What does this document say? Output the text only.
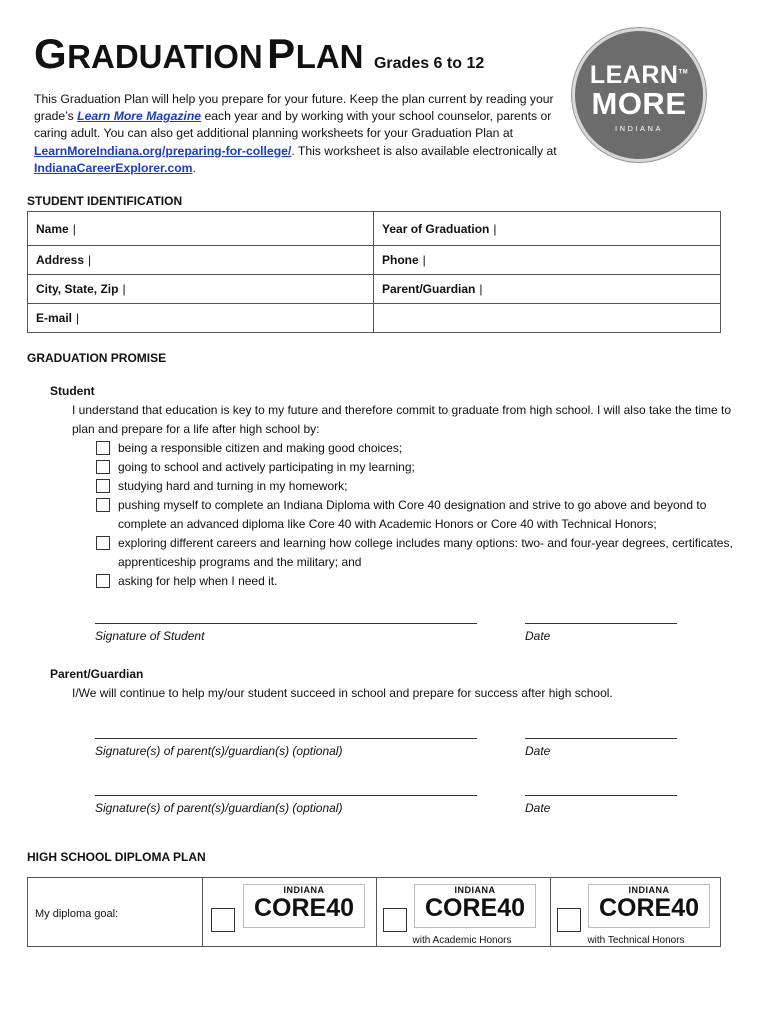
GRADUATION PLAN Grades 6 to 12
This Graduation Plan will help you prepare for your future. Keep the plan current by reading your grade’s Learn More Magazine each year and by working with your school counselor, parents or caring adult. You can also get additional planning worksheets for your Graduation Plan at LearnMoreIndiana.org/preparing-for-college/. This worksheet is also available electronically at IndianaCareerExplorer.com.
LEARN™
MORE
INDIANA
STUDENT IDENTIFICATION
Name |	Year of Graduation |
Address |	Phone |
City, State, Zip |	Parent/Guardian |
E-mail |	
GRADUATION PROMISE
Student
I understand that education is key to my future and therefore commit to graduate from high school. I will also take the time to plan and prepare for a life after high school by:
being a responsible citizen and making good choices;
going to school and actively participating in my learning;
studying hard and turning in my homework;
pushing myself to complete an Indiana Diploma with Core 40 designation and strive to go above and beyond to complete an advanced diploma like Core 40 with Academic Honors or Core 40 with Technical Honors;
exploring different careers and learning how college includes many options: two- and four-year degrees, certificates, apprenticeship programs and the military; and
asking for help when I need it.
Signature of Student	Date
Parent/Guardian
I/We will continue to help my/our student succeed in school and prepare for success after high school.
Signature(s) of parent(s)/guardian(s) (optional)	Date
Signature(s) of parent(s)/guardian(s) (optional)	Date
HIGH SCHOOL DIPLOMA PLAN
My diploma goal:
INDIANA
CORE40
INDIANA
CORE40
with Academic Honors
INDIANA
CORE40
with Technical Honors
